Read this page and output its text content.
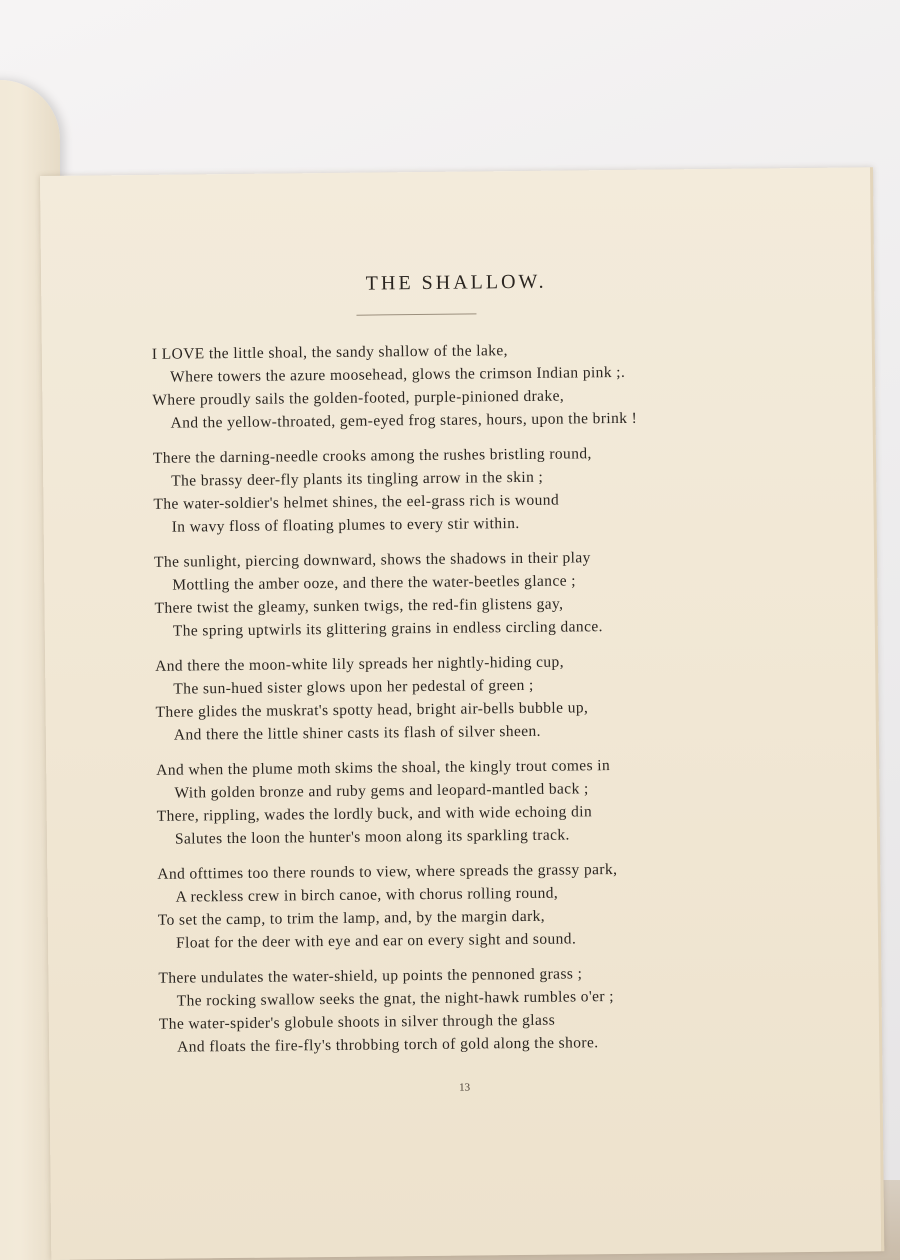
THE SHALLOW.
I LOVE the little shoal, the sandy shallow of the lake,
Where towers the azure moosehead, glows the crimson Indian pink ;.
Where proudly sails the golden-footed, purple-pinioned drake,
And the yellow-throated, gem-eyed frog stares, hours, upon the brink !
There the darning-needle crooks among the rushes bristling round,
The brassy deer-fly plants its tingling arrow in the skin ;
The water-soldier's helmet shines, the eel-grass rich is wound
In wavy floss of floating plumes to every stir within.
The sunlight, piercing downward, shows the shadows in their play
Mottling the amber ooze, and there the water-beetles glance ;
There twist the gleamy, sunken twigs, the red-fin glistens gay,
The spring uptwirls its glittering grains in endless circling dance.
And there the moon-white lily spreads her nightly-hiding cup,
The sun-hued sister glows upon her pedestal of green ;
There glides the muskrat's spotty head, bright air-bells bubble up,
And there the little shiner casts its flash of silver sheen.
And when the plume moth skims the shoal, the kingly trout comes in
With golden bronze and ruby gems and leopard-mantled back ;
There, rippling, wades the lordly buck, and with wide echoing din
Salutes the loon the hunter's moon along its sparkling track.
And ofttimes too there rounds to view, where spreads the grassy park,
A reckless crew in birch canoe, with chorus rolling round,
To set the camp, to trim the lamp, and, by the margin dark,
Float for the deer with eye and ear on every sight and sound.
There undulates the water-shield, up points the pennoned grass ;
The rocking swallow seeks the gnat, the night-hawk rumbles o'er ;
The water-spider's globule shoots in silver through the glass
And floats the fire-fly's throbbing torch of gold along the shore.
13
